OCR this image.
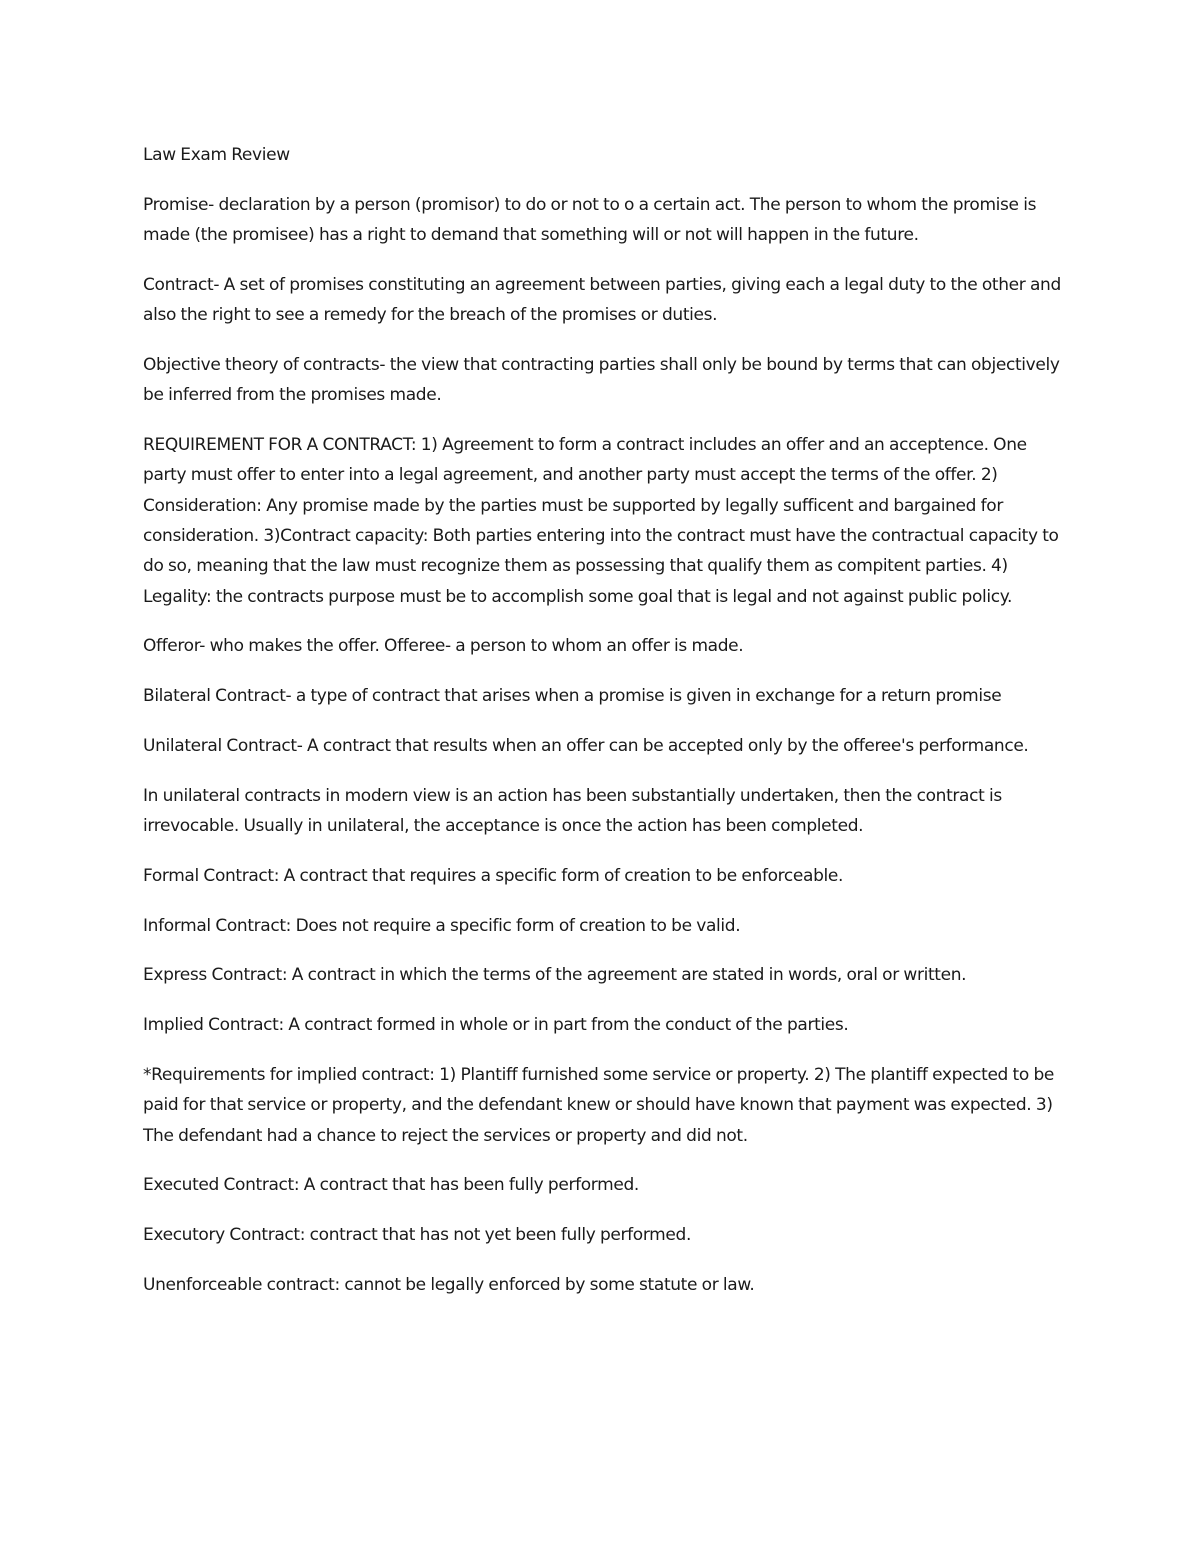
Law Exam Review

Promise- declaration by a person (promisor) to do or not to o a certain act. The person to whom the promise is made (the promisee) has a right to demand that something will or not will happen in the future.

Contract- A set of promises constituting an agreement between parties, giving each a legal duty to the other and also the right to see a remedy for the breach of the promises or duties.

Objective theory of contracts- the view that contracting parties shall only be bound by terms that can objectively be inferred from the promises made.

REQUIREMENT FOR A CONTRACT: 1) Agreement to form a contract includes an offer and an acceptence. One party must offer to enter into a legal agreement, and another party must accept the terms of the offer. 2) Consideration: Any promise made by the parties must be supported by legally sufficent and bargained for consideration. 3)Contract capacity: Both parties entering into the contract must have the contractual capacity to do so, meaning that the law must recognize them as possessing that qualify them as compitent parties. 4) Legality: the contracts purpose must be to accomplish some goal that is legal and not against public policy.

Offeror- who makes the offer. Offeree- a person to whom an offer is made.

Bilateral Contract- a type of contract that arises when a promise is given in exchange for a return promise

Unilateral Contract- A contract that results when an offer can be accepted only by the offeree's performance.

In unilateral contracts in modern view is an action has been substantially undertaken, then the contract is irrevocable. Usually in unilateral, the acceptance is once the action has been completed.

Formal Contract: A contract that requires a specific form of creation to be enforceable.

Informal Contract: Does not require a specific form of creation to be valid.

Express Contract: A contract in which the terms of the agreement are stated in words, oral or written.

Implied Contract: A contract formed in whole or in part from the conduct of the parties.

*Requirements for implied contract: 1) Plantiff furnished some service or property. 2) The plantiff expected to be paid for that service or property, and the defendant knew or should have known that payment was expected. 3) The defendant had a chance to reject the services or property and did not.

Executed Contract: A contract that has been fully performed.

Executory Contract: contract that has not yet been fully performed.

Unenforceable contract: cannot be legally enforced by some statute or law.
